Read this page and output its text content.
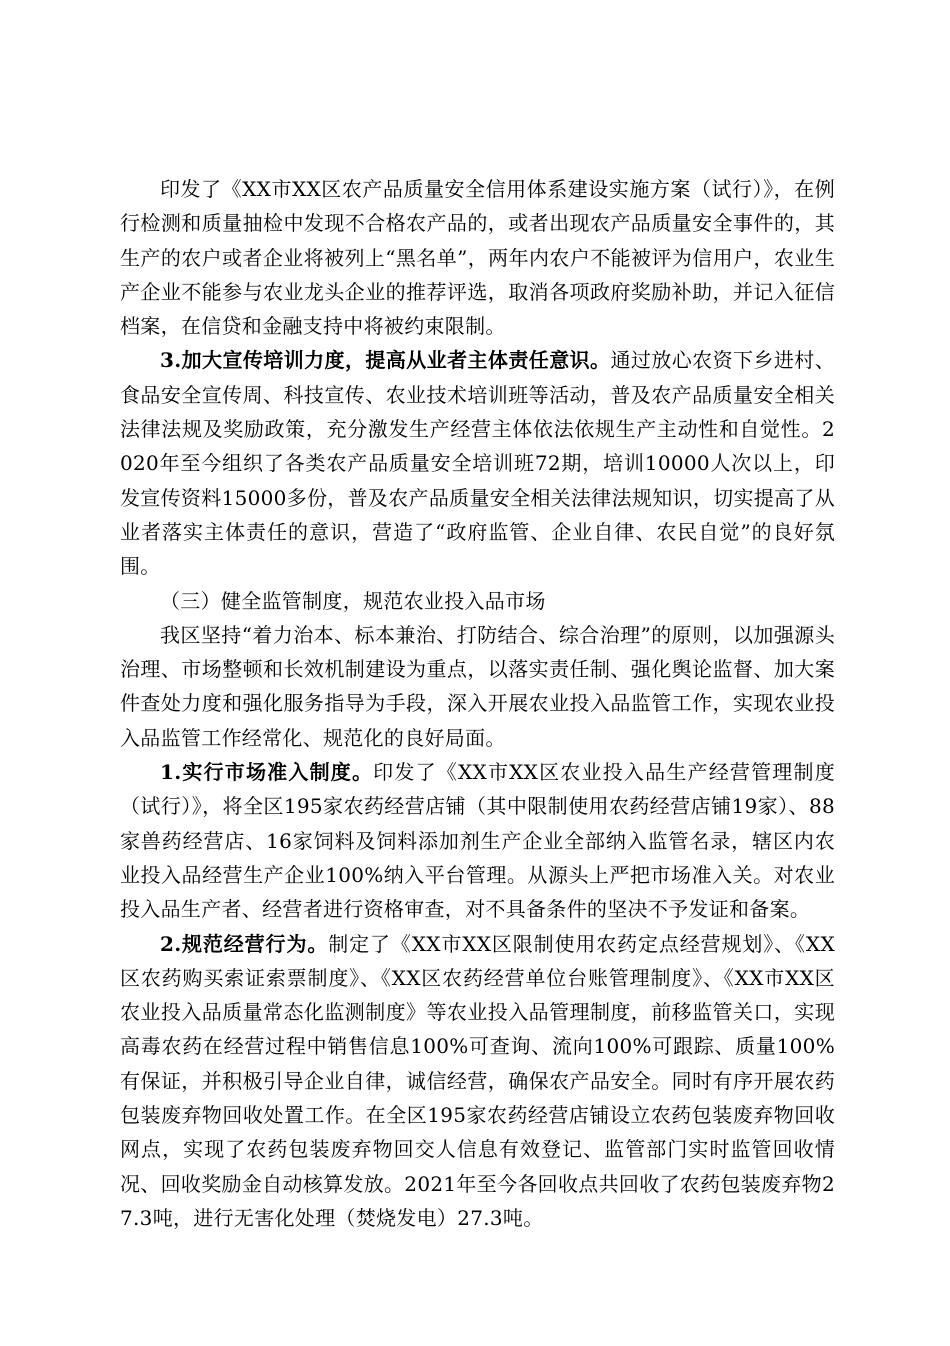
印发了《XX市XX区农产品质量安全信用体系建设实施方案（试行）》，在例行检测和质量抽检中发现不合格农产品的，或者出现农产品质量安全事件的，其生产的农户或者企业将被列上“黑名单”，两年内农户不能被评为信用户，农业生产企业不能参与农业龙头企业的推荐评选，取消各项政府奖励补助，并记入征信档案，在信贷和金融支持中将被约束限制。

3.加大宣传培训力度，提高从业者主体责任意识。通过放心农资下乡进村、食品安全宣传周、科技宣传、农业技术培训班等活动，普及农产品质量安全相关法律法规及奖励政策，充分激发生产经营主体依法依规生产主动性和自觉性。2020年至今组织了各类农产品质量安全培训班72期，培训10000人次以上，印发宣传资料15000多份，普及农产品质量安全相关法律法规知识，切实提高了从业者落实主体责任的意识，营造了“政府监管、企业自律、农民自觉”的良好氛围。

（三）健全监管制度，规范农业投入品市场

我区坚持“着力治本、标本兼治、打防结合、综合治理”的原则，以加强源头治理、市场整顿和长效机制建设为重点，以落实责任制、强化舆论监督、加大案件查处力度和强化服务指导为手段，深入开展农业投入品监管工作，实现农业投入品监管工作经常化、规范化的良好局面。

1.实行市场准入制度。印发了《XX市XX区农业投入品生产经营管理制度（试行）》，将全区195家农药经营店铺（其中限制使用农药经营店铺19家）、88家兽药经营店、16家饲料及饲料添加剂生产企业全部纳入监管名录，辖区内农业投入品经营生产企业100%纳入平台管理。从源头上严把市场准入关。对农业投入品生产者、经营者进行资格审查，对不具备条件的坚决不予发证和备案。

2.规范经营行为。制定了《XX市XX区限制使用农药定点经营规划》、《XX区农药购买索证索票制度》、《XX区农药经营单位台账管理制度》、《XX市XX区农业投入品质量常态化监测制度》等农业投入品管理制度，前移监管关口，实现高毒农药在经营过程中销售信息100%可查询、流向100%可跟踪、质量100%有保证，并积极引导企业自律，诚信经营，确保农产品安全。同时有序开展农药包装废弃物回收处置工作。在全区195家农药经营店铺设立农药包装废弃物回收网点，实现了农药包装废弃物回交人信息有效登记、监管部门实时监管回收情况、回收奖励金自动核算发放。2021年至今各回收点共回收了农药包装废弃物27.3吨，进行无害化处理（焚烧发电）27.3吨。
